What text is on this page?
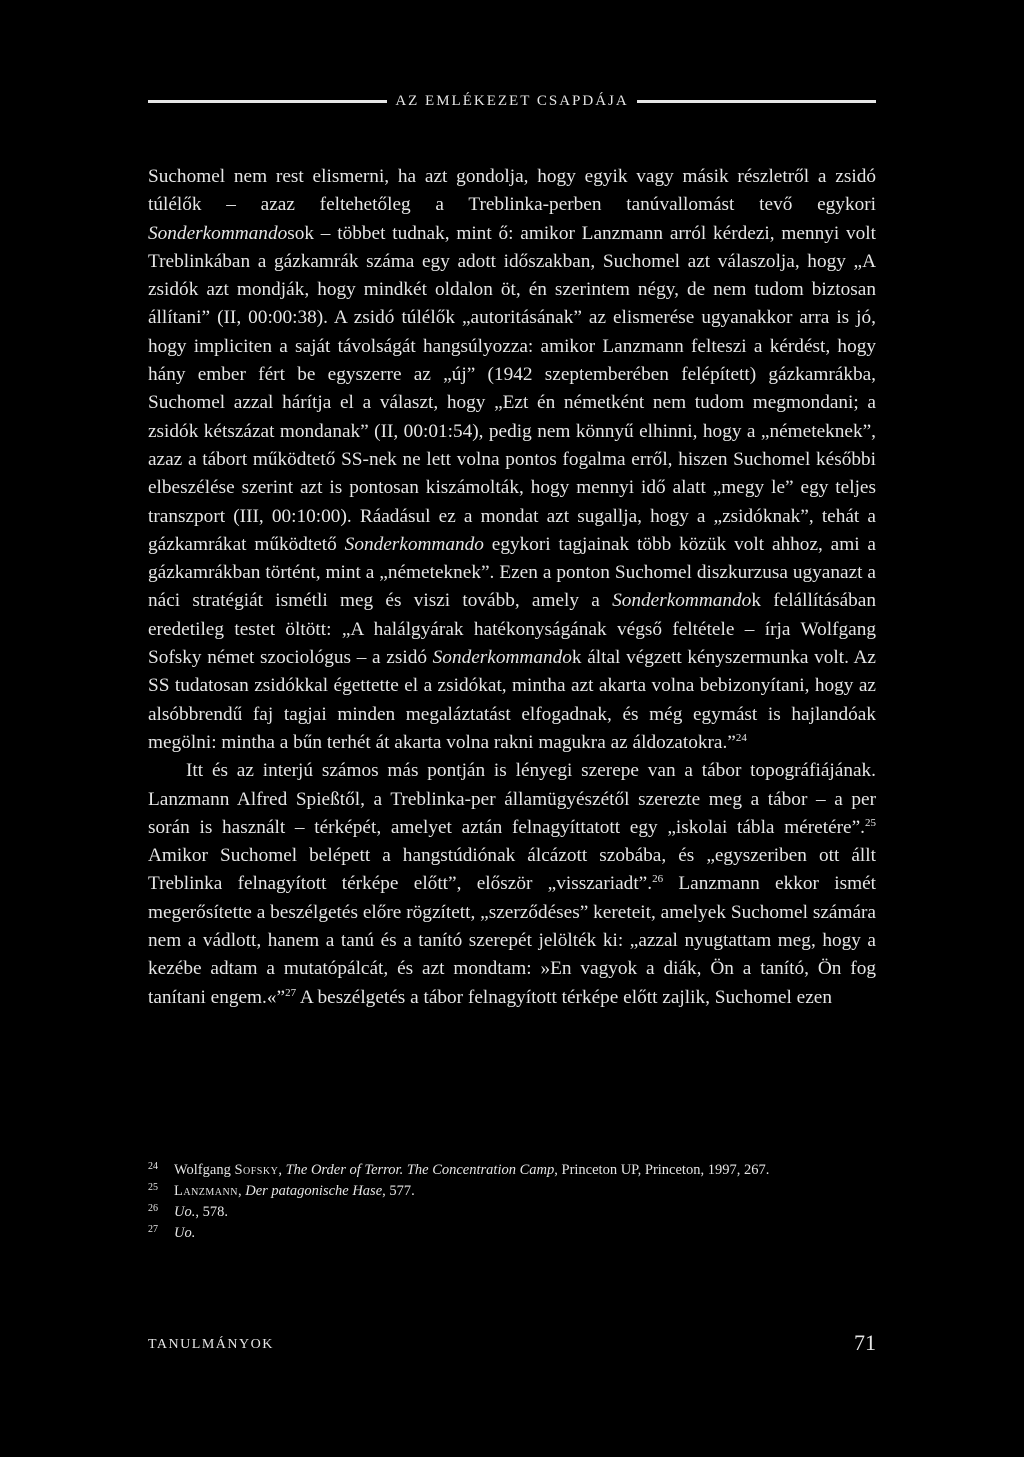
AZ EMLÉKEZET CSAPDÁJA

Suchomel nem rest elismerni, ha azt gondolja, hogy egyik vagy másik részletről a zsidó túlélők – azaz feltehetőleg a Treblinka-perben tanúvallomást tevő egykori Sonderkommandosok – többet tudnak, mint ő: amikor Lanzmann arról kérdezi, mennyi volt Treblinkában a gázkamrák száma egy adott időszakban, Suchomel azt válaszolja, hogy „A zsidók azt mondják, hogy mindkét oldalon öt, én szerintem négy, de nem tudom biztosan állítani” (II, 00:00:38). A zsidó túlélők „autoritásának” az elismerése ugyanakkor arra is jó, hogy impliciten a saját távolságát hangsúlyozza: amikor Lanzmann felteszi a kérdést, hogy hány ember fért be egyszerre az „új” (1942 szeptemberében felépített) gázkamrákba, Suchomel azzal hárítja el a választ, hogy „Ezt én németként nem tudom megmondani; a zsidók kétszázat mondanak” (II, 00:01:54), pedig nem könnyű elhinni, hogy a „németeknek”, azaz a tábort működtető SS-nek ne lett volna pontos fogalma erről, hiszen Suchomel későbbi elbeszélése szerint azt is pontosan kiszámolták, hogy mennyi idő alatt „megy le” egy teljes transzport (III, 00:10:00). Ráadásul ez a mondat azt sugallja, hogy a „zsidóknak”, tehát a gázkamrákat működtető Sonderkommando egykori tagjainak több közük volt ahhoz, ami a gázkamrákban történt, mint a „németeknek”. Ezen a ponton Suchomel diszkurzusa ugyanazt a náci stratégiát ismétli meg és viszi tovább, amely a Sonderkommandok felállításában eredetileg testet öltött: „A halálgyárak hatékonyságának végső feltétele – írja Wolfgang Sofsky német szociológus – a zsidó Sonderkommandok által végzett kényszermunka volt. Az SS tudatosan zsidókkal égettette el a zsidókat, mintha azt akarta volna bebizonyítani, hogy az alsóbbrendű faj tagjai minden megaláztatást elfogadnak, és még egymást is hajlandóak megölni: mintha a bűn terhét át akarta volna rakni magukra az áldozatokra.”$^{24}$

Itt és az interjú számos más pontján is lényegi szerepe van a tábor topográfiájának. Lanzmann Alfred Spießtől, a Treblinka-per államügyészétől szerezte meg a tábor – a per során is használt – térképét, amelyet aztán felnagyíttatott egy „iskolai tábla méretére”.$^{25}$ Amikor Suchomel belépett a hangstúdiónak álcázott szobába, és „egyszeriben ott állt Treblinka felnagyított térképe előtt”, először „visszariadt”.$^{26}$ Lanzmann ekkor ismét megerősítette a beszélgetés előre rögzített, „szerződéses” kereteit, amelyek Suchomel számára nem a vádlott, hanem a tanú és a tanító szerepét jelölték ki: „azzal nyugtattam meg, hogy a kezébe adtam a mutatópálcát, és azt mondtam: »En vagyok a diák, Ön a tanító, Ön fog tanítani engem.«”$^{27}$ A beszélgetés a tábor felnagyított térképe előtt zajlik, Suchomel ezen

24 Wolfgang Sofsky, The Order of Terror. The Concentration Camp, Princeton UP, Princeton, 1997, 267.
25 Lanzmann, Der patagonische Hase, 577.
26 Uo., 578.
27 Uo.
TANULMÁNYOK	71
